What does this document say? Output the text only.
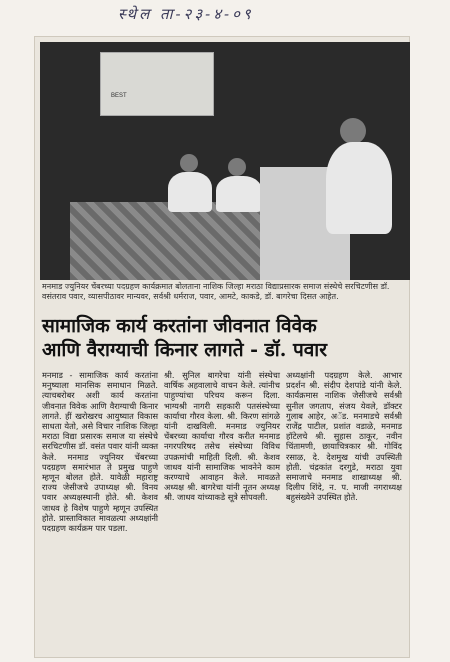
स्थेल ता-२३-४-०९

BEST
मनमाड ज्युनियर चेंबरच्या पदग्रहण कार्यक्रमात बोलताना नाशिक जिल्हा मराठा विद्याप्रसारक समाज संस्थेचे सरचिटणीस डॉ. वसंतराव पवार, व्यासपीठावर मान्यवर, सर्वश्री धर्मराज, पवार, आमटे, काकडे, डॉ. बागरेचा दिसत आहेत.
सामाजिक कार्य करतांना जीवनात विवेक
आणि वैराग्याची किनार लागते - डॉ. पवार
मनमाड - सामाजिक कार्य करतांना मनुष्याला मानसिक समाधान मिळते. त्याचबरोबर अशी कार्य करतांना जीवनात विवेक आणि वैराग्याची किनार लागते. हीं खरोखरच आयुष्यात विकास साधता येतो, असे विचार नाशिक जिल्हा मराठा विद्या प्रसारक समाज या संस्थेचे सरचिटणीस डॉ. वसंत पवार यांनी व्यक्त केले. मनमाड ज्युनियर चेंबरच्या पदग्रहण समारंभात ते प्रमुख पाहुणे म्हणून बोलत होते. यावेळी महाराष्ट्र राज्य जेसीजचे उपाध्यक्ष श्री. विनय पवार अध्यक्षस्थानी होते. श्री. केशव जाधव हे विशेष पाहुणे म्हणून उपस्थित होते. प्रास्ताविकात मावळत्या अध्यक्षांनी पदग्रहण कार्यक्रम पार पडला.
श्री. सुनिल बागरेचा यांनी संस्थेचा वार्षिक अहवालाचे वाचन केले. त्यांनीच पाहुण्यांचा परिचय करून दिला. भाग्यश्री नागरी सहकारी पतसंस्थेच्या कार्याचा गौरव केला. श्री. किरण सांगळे यांनी दाखविली. मनमाड ज्युनियर चेंबरच्या कार्याचा गौरव करीत मनमाड नगरपरिषद तसेच संस्थेच्या विविध उपक्रमांची माहिती दिली. श्री. केशव जाधव यांनी सामाजिक भावनेने काम करण्याचे आवाहन केले. मावळते अध्यक्ष श्री. बागरेचा यांनी नूतन अध्यक्ष श्री. जाधव यांच्याकडे सूत्रे सोपवली.
अध्यक्षांनी पदग्रहण केले. आभार प्रदर्शन श्री. संदीप देशपांडे यांनी केले. कार्यक्रमास नाशिक जेसीजचे सर्वश्री सुनील जगताप, संजय येवले, डॉक्टर गुलाब आहेर, अॅड. मनमाडचे सर्वश्री राजेंद्र पाटील, प्रशांत वडाळे, मनमाड हॉटेलचे श्री. सुहास ठाकूर, नवीन चिंतामणी, छायाचित्रकार श्री. गोविंद रसाळ, दे. देशमुख यांची उपस्थिती होती. चंद्रकांत दरगुडे, मराठा युवा समाजाचे मनमाड शाखाध्यक्ष श्री. दिलीप शिंदे, न. प. माजी नगराध्यक्ष बहुसंख्येने उपस्थित होते.
